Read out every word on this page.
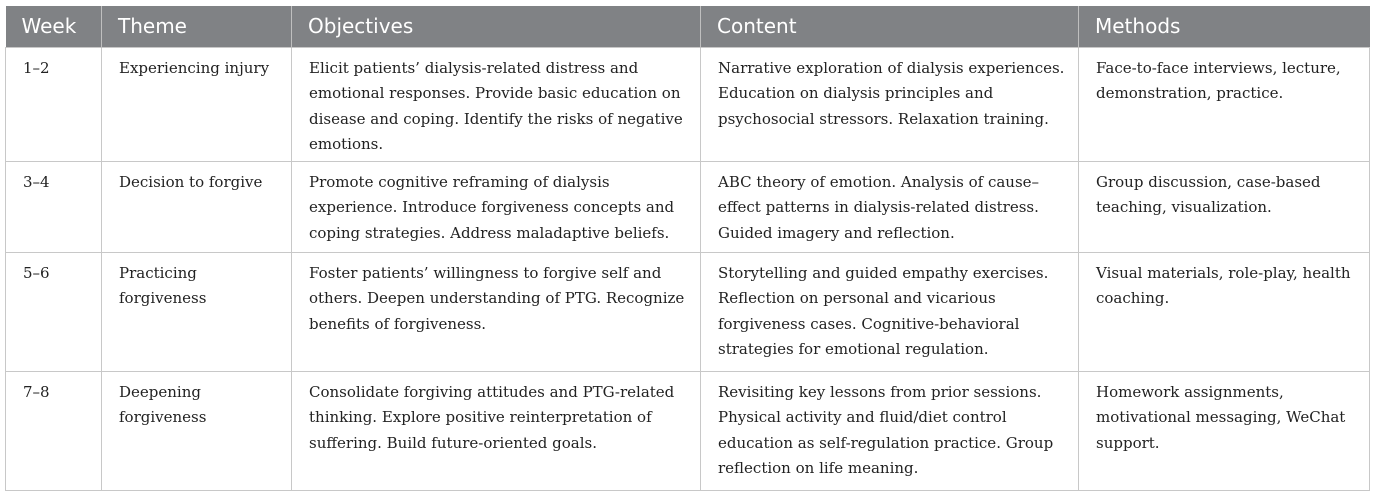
Week	Theme	Objectives	Content	Methods

1–2	Experiencing injury	Elicit patients’ dialysis-related distress and emotional responses. Provide basic education on disease and coping. Identify the risks of negative emotions.	Narrative exploration of dialysis experiences. Education on dialysis principles and psychosocial stressors. Relaxation training.	Face-to-face interviews, lecture, demonstration, practice.

3–4	Decision to forgive	Promote cognitive reframing of dialysis experience. Introduce forgiveness concepts and coping strategies. Address maladaptive beliefs.	ABC theory of emotion. Analysis of cause–effect patterns in dialysis-related distress. Guided imagery and reflection.	Group discussion, case-based teaching, visualization.

5–6	Practicing forgiveness	Foster patients’ willingness to forgive self and others. Deepen understanding of PTG. Recognize benefits of forgiveness.	Storytelling and guided empathy exercises. Reflection on personal and vicarious forgiveness cases. Cognitive-behavioral strategies for emotional regulation.	Visual materials, role-play, health coaching.

7–8	Deepening forgiveness	Consolidate forgiving attitudes and PTG-related thinking. Explore positive reinterpretation of suffering. Build future-oriented goals.	Revisiting key lessons from prior sessions. Physical activity and fluid/diet control education as self-regulation practice. Group reflection on life meaning.	Homework assignments, motivational messaging, WeChat support.
